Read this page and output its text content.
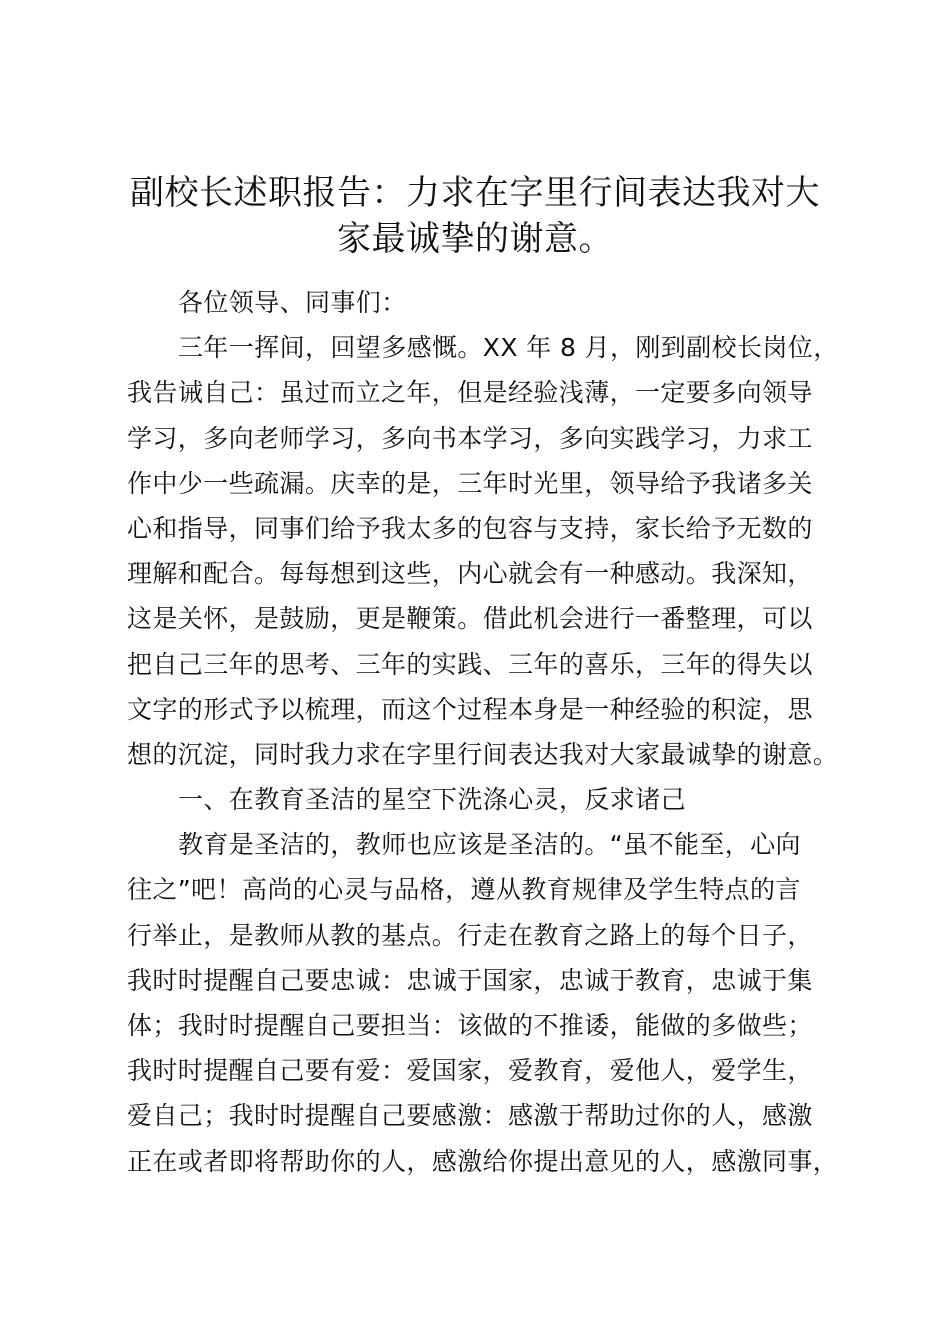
副校长述职报告：力求在字里行间表达我对大
家最诚挚的谢意。
各位领导、同事们：
三年一挥间，回望多感慨。XX 年 8 月，刚到副校长岗位，
我告诫自己：虽过而立之年，但是经验浅薄，一定要多向领导
学习，多向老师学习，多向书本学习，多向实践学习，力求工
作中少一些疏漏。庆幸的是，三年时光里，领导给予我诸多关
心和指导，同事们给予我太多的包容与支持，家长给予无数的
理解和配合。每每想到这些，内心就会有一种感动。我深知，
这是关怀，是鼓励，更是鞭策。借此机会进行一番整理，可以
把自己三年的思考、三年的实践、三年的喜乐，三年的得失以
文字的形式予以梳理，而这个过程本身是一种经验的积淀，思
想的沉淀，同时我力求在字里行间表达我对大家最诚挚的谢意。
一、在教育圣洁的星空下洗涤心灵，反求诸己
教育是圣洁的，教师也应该是圣洁的。“虽不能至，心向
往之”吧！高尚的心灵与品格，遵从教育规律及学生特点的言
行举止，是教师从教的基点。行走在教育之路上的每个日子，
我时时提醒自己要忠诚：忠诚于国家，忠诚于教育，忠诚于集
体；我时时提醒自己要担当：该做的不推诿，能做的多做些；
我时时提醒自己要有爱：爱国家，爱教育，爱他人，爱学生，
爱自己；我时时提醒自己要感激：感激于帮助过你的人，感激
正在或者即将帮助你的人，感激给你提出意见的人，感激同事，
